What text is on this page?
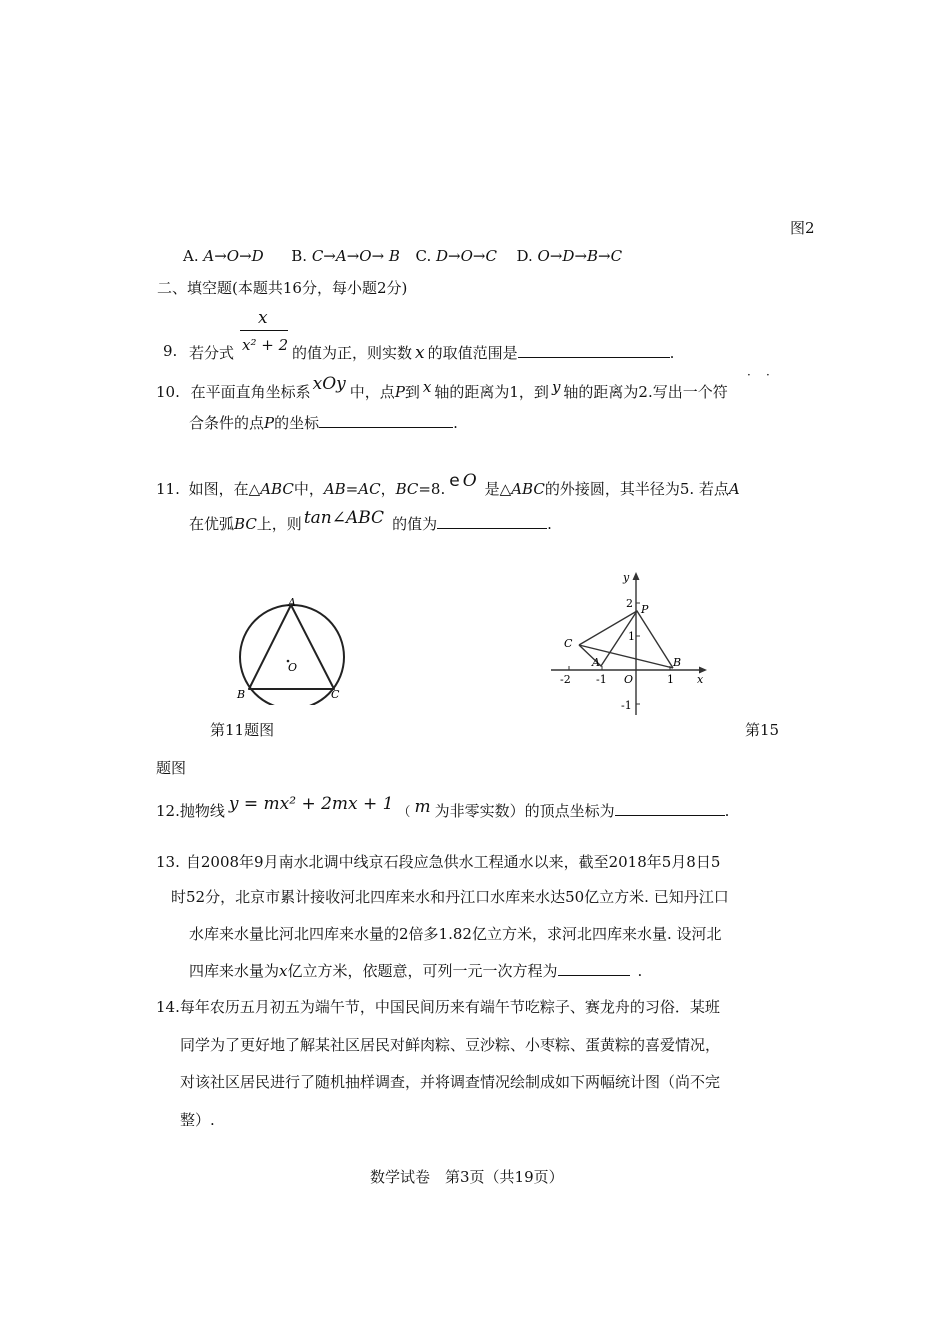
图2
A. A→O→D B. C→A→O→ B C. D→O→C D. O→D→B→C
二、填空题(本题共16分，每小题2分)
9. 若分式
x
x² + 2 的值为正，则实数 x 的取值范围是	.
10. 在平面直角坐标系 xOy 中，点P到 x 轴的距离为1，到 y 轴的距离为2.写出一个符
· ·
合条件的点P的坐标	.
11. 如图，在△ABC中，AB=AC，BC=8. e O 是△ABC的外接圆，其半径为5. 若点A
在优弧BC上，则 tan∠ABC 的值为	.
A
B	C
O
第11题图
y
x
P
C
A	B
O
2
1
-1
-2 -1	1
第15
题图
12.抛物线 y = mx² + 2mx + 1 （ m 为非零实数）的顶点坐标为	.
13. 自2008年9月南水北调中线京石段应急供水工程通水以来，截至2018年5月8日5
时52分，北京市累计接收河北四库来水和丹江口水库来水达50亿立方米. 已知丹江口
水库来水量比河北四库来水量的2倍多1.82亿立方米，求河北四库来水量. 设河北
四库来水量为x亿立方米，依题意，可列一元一次方程为	.
14.每年农历五月初五为端午节，中国民间历来有端午节吃粽子、赛龙舟的习俗．某班
同学为了更好地了解某社区居民对鲜肉粽、豆沙粽、小枣粽、蛋黄粽的喜爱情况，
对该社区居民进行了随机抽样调查，并将调查情况绘制成如下两幅统计图（尚不完
整）.
数学试卷　第3页（共19页）
